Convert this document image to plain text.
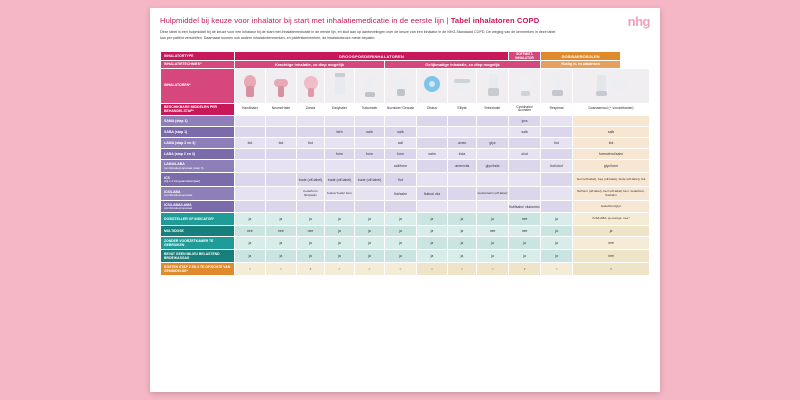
Hulpmiddel bij keuze voor inhalator bij start met inhalatiemedicatie in de eerste lijn | Tabel inhalatoren COPD	nhg

Deze tabel is een hulpmiddel bij de keuze voor een inhalator bij de start met inhalatiemedicatie in de eerste lijn, en sluit aan op aanbevelingen over de keuze van een inhalator in de NHG-Standaard COPD. De weging van de kenmerken in deze tabel kan per patiënt verschillen. Daarnaast kunnen ook andere inhalatorkenmerken, en patiëntkenmerken, de inhalatorkeuze mede bepalen.

INHALATORTYPE	DROOGPOEDERINHALATOREN									SOFTMIST-INHALATOR	DOSISAEROSOLEN	
INHALATIETECHNIEK*	Krachtige inhalatie, zo diep mogelijk					Gelijkmatige inhalatie, zo diep mogelijk					Rustig in- en uitademen	
INHALATOREN*												
BESCHIKBARE MIDDELEN PER BEHANDELSTAP²	Handihaler	NeumoHaler	Zonda	Easyhaler	Turbuhaler	Novolizer/ Genuair	Diskus	Ellipta	Breezhaler	Cyclohaler/ Acuhaler	Respimat	Dosisaerosol (+ voorzetkamer)
SAMA (stap 1)										ipra		
SABA (stap 1)				terb	salb	salb				salb		salb
LAMA (stap 2 en 3)	tiot	tiot	tiot			acli		umec	glyc		tiot	tiot
LABA (stap 2 en 3)				form	form	form	salm	inda		olod		formoterol/salm
LAMA/LABA
combinatiepreparaat (stap 3)						acli/form		umec/vila	glyc/inda		tiot/olod	glyc/form
ICS
(bij ≥ 2 longaanvallen/jaar)			bude (off-label)	bude (off-label)	bude (off-label)	flut						becl (off-label), bед (off-label), bude (off-label), flut
ICS/LABA
combinatiepreparaat			bude/form flutipsalm	budes/ bude/ form		flut/salm	flutica/ vila		budes/salm (off-label)			flut/form (off-label), becl (off-label) form, bude/form, flut/salm
ICS/LABA/LAMA
combinatiepreparaat										flutifsalm/ vila/umec		bude/form/glyc
DOSISTELLER OF INDICATOR³	ja	ja	ja	ja	ja	ja	ja	ja	ja	nee	ja	ICS/LABA: ja overige: nee⁴
MULTIDOSE	nee	nee	nee	ja	ja	ja	ja	ja	nee	nee	ja	ja
ZONDER VOORZETKAMER TE GEBRUIKEN	ja	ja	ja	ja	ja	ja	ja	ja	ja	ja	ja	nee
BEVAT GEEN MILIEU BELASTEND BROEIKASGAS	ja	ja	ja	ja	ja	ja	ja	ja	ja	ja	ja	nee
KOSTEN STAP 2 EN 3 TE OPZICHTE VAN GEMIDDELDE⁴	=	=	∧	=	=	=	=	=	=	∨	=	∨
